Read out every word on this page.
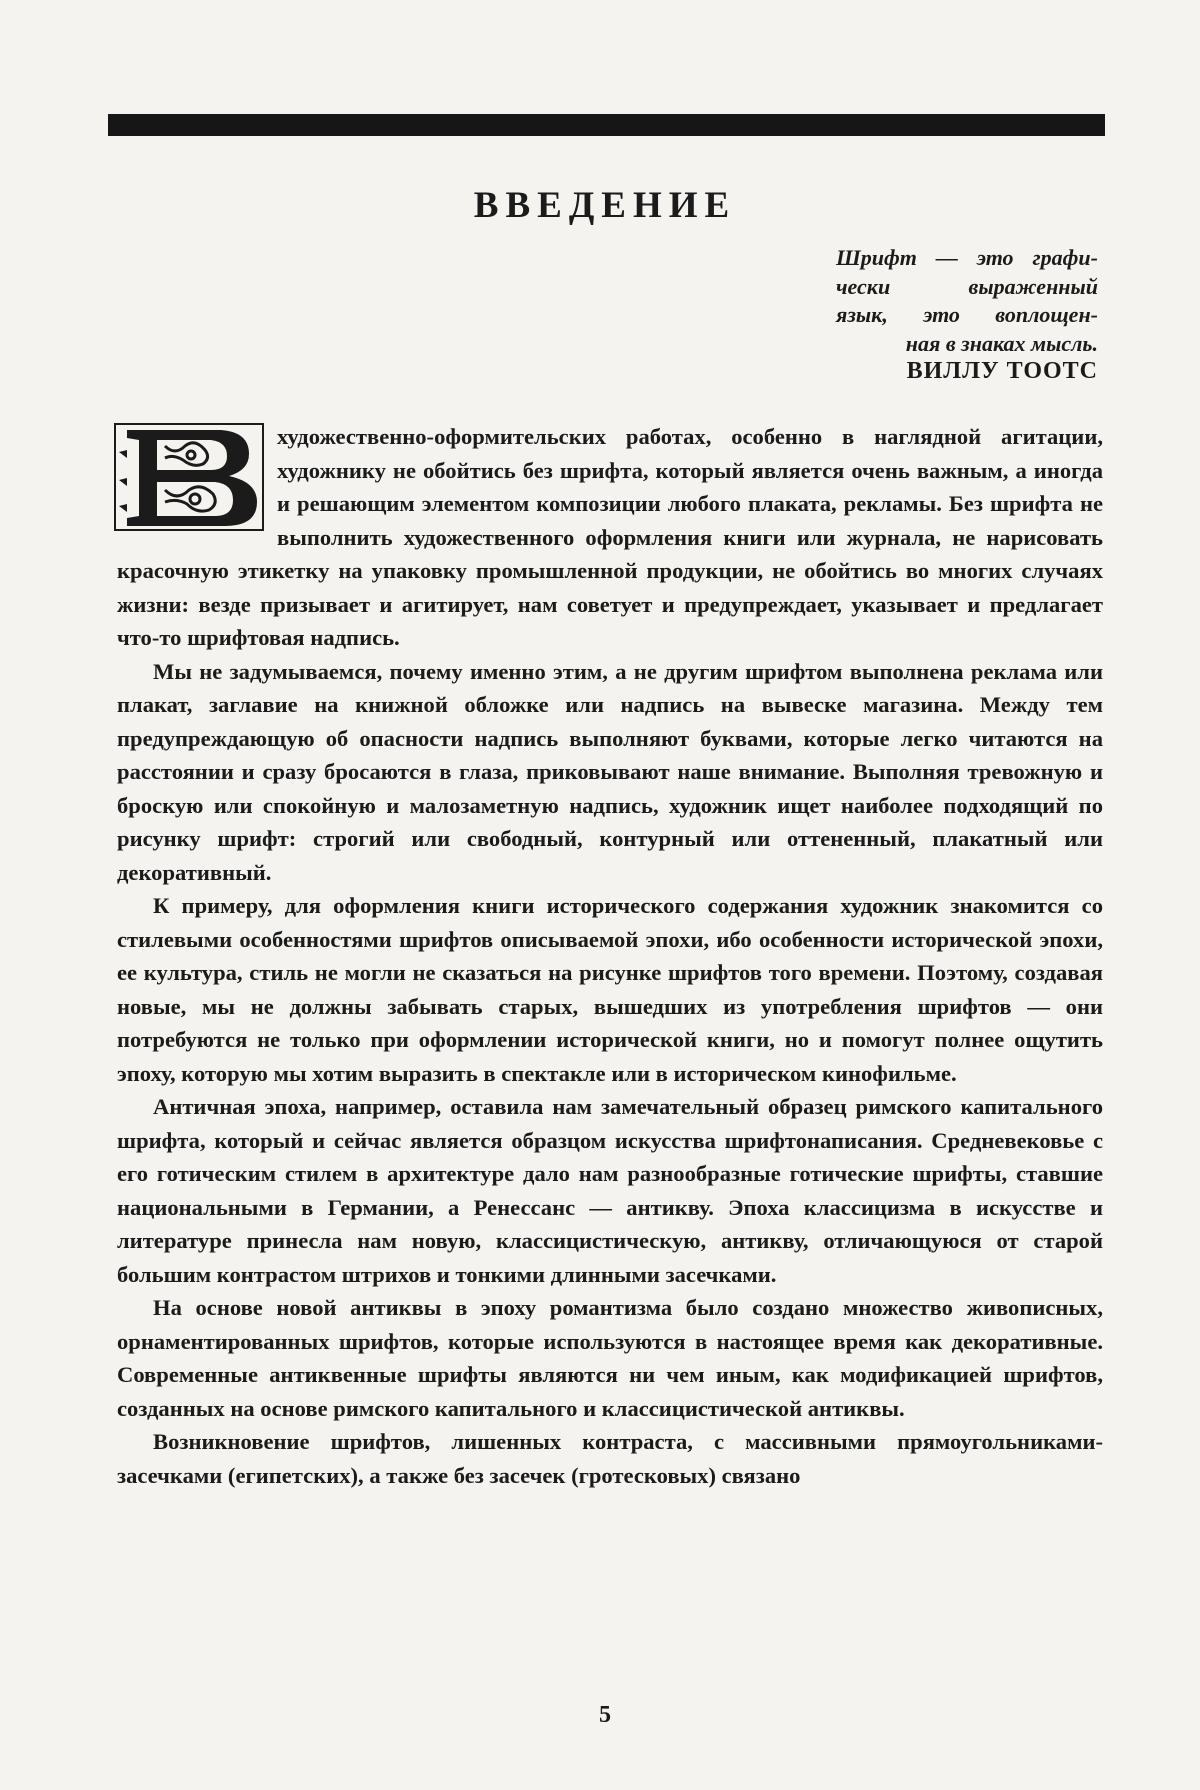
ВВЕДЕНИЕ
Шрифт — это графи-
чески выраженный
язык, это воплощен-
ная в знаках мысль.
ВИЛЛУ ТООТС

художественно-оформительских работах, особенно в наглядной агитации, художнику не обойтись без шрифта, который является очень важным, а иногда и решающим элементом композиции любого плаката, рекламы. Без шрифта не выполнить художественного оформления книги или журнала, не нарисовать красочную этикетку на упаковку промышленной продукции, не обойтись во многих случаях жизни: везде призывает и агитирует, нам советует и предупреждает, указывает и предлагает что-то шрифтовая надпись.

Мы не задумываемся, почему именно этим, а не другим шрифтом выполнена реклама или плакат, заглавие на книжной обложке или надпись на вывеске магазина. Между тем предупреждающую об опасности надпись выполняют буквами, которые легко читаются на расстоянии и сразу бросаются в глаза, приковывают наше внимание. Выполняя тревожную и броскую или спокойную и малозаметную надпись, художник ищет наиболее подходящий по рисунку шрифт: строгий или свободный, контурный или оттененный, плакатный или декоративный.

К примеру, для оформления книги исторического содержания художник знакомится со стилевыми особенностями шрифтов описываемой эпохи, ибо особенности исторической эпохи, ее культура, стиль не могли не сказаться на рисунке шрифтов того времени. Поэтому, создавая новые, мы не должны забывать старых, вышедших из употребления шрифтов — они потребуются не только при оформлении исторической книги, но и помогут полнее ощутить эпоху, которую мы хотим выразить в спектакле или в историческом кинофильме.

Античная эпоха, например, оставила нам замечательный образец римского капитального шрифта, который и сейчас является образцом искусства шрифтонаписания. Средневековье с его готическим стилем в архитектуре дало нам разнообразные готические шрифты, ставшие национальными в Германии, а Ренессанс — антикву. Эпоха классицизма в искусстве и литературе принесла нам новую, классицистическую, антикву, отличающуюся от старой большим контрастом штрихов и тонкими длинными засечками.

На основе новой антиквы в эпоху романтизма было создано множество живописных, орнаментированных шрифтов, которые используются в настоящее время как декоративные. Современные антиквенные шрифты являются ни чем иным, как модификацией шрифтов, созданных на основе римского капитального и классицистической антиквы.

Возникновение шрифтов, лишенных контраста, с массивными прямоугольниками-засечками (египетских), а также без засечек (гротесковых) связано

5
